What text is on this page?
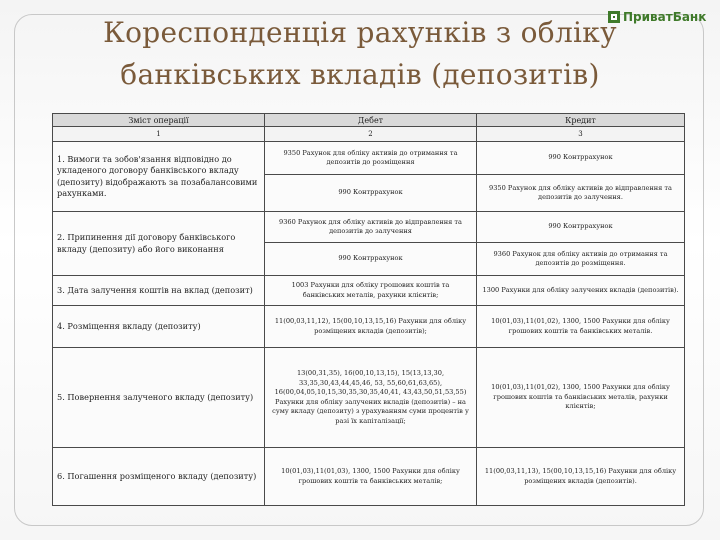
ПриватБанк
Кореспонденція рахунків з обліку
банківських вкладів (депозитів)
Зміст операції	Дебет	Кредит
1	2	3
1. Вимоги та зобов'язання відповідно до укладеного договору банківського вкладу (депозиту) відображають за позабалансовими рахунками.	9350 Рахунок для обліку активів до отримання та депозитів до розміщення	990 Контррахунок
	990 Контррахунок	9350 Рахунок для обліку активів до відправлення та депозитів до залучення.
2. Припинення дії договору банківського вкладу (депозиту) або його виконання	9360 Рахунок для обліку активів до відправлення та депозитів до залучення	990 Контррахунок
	990 Контррахунок	9360 Рахунок для обліку активів до отримання та депозитів до розміщення.
3. Дата залучення коштів на вклад (депозит)	1003 Рахунки для обліку грошових коштів та банківських металів, рахунки клієнтів;	1300 Рахунки для обліку залучених вкладів (депозитів).
4. Розміщення вкладу (депозиту)	11(00,03,11,12), 15(00,10,13,15,16) Рахунки для обліку розміщених вкладів (депозитів);	10(01,03),11(01,02), 1300, 1500 Рахунки для обліку грошових коштів та банківських металів.
5. Повернення залученого вкладу (депозиту)	13(00,31,35), 16(00,10,13,15), 15(13,13,30, 33,35,30,43,44,45,46, 53, 55,60,61,63,65), 16(00,04,05,10,15,30,35,30,35,40,41, 43,43,50,51,53,55) Рахунки для обліку залучених вкладів (депозитів) – на суму вкладу (депозиту) з урахуванням суми процентів у разі їх капіталізації;	10(01,03),11(01,02), 1300, 1500 Рахунки для обліку грошових коштів та банківських металів, рахунки клієнтів;
6. Погашення розміщеного вкладу (депозиту)	10(01,03),11(01,03), 1300, 1500 Рахунки для обліку грошових коштів та банківських металів;	11(00,03,11,13), 15(00,10,13,15,16) Рахунки для обліку розміщених вкладів (депозитів).
